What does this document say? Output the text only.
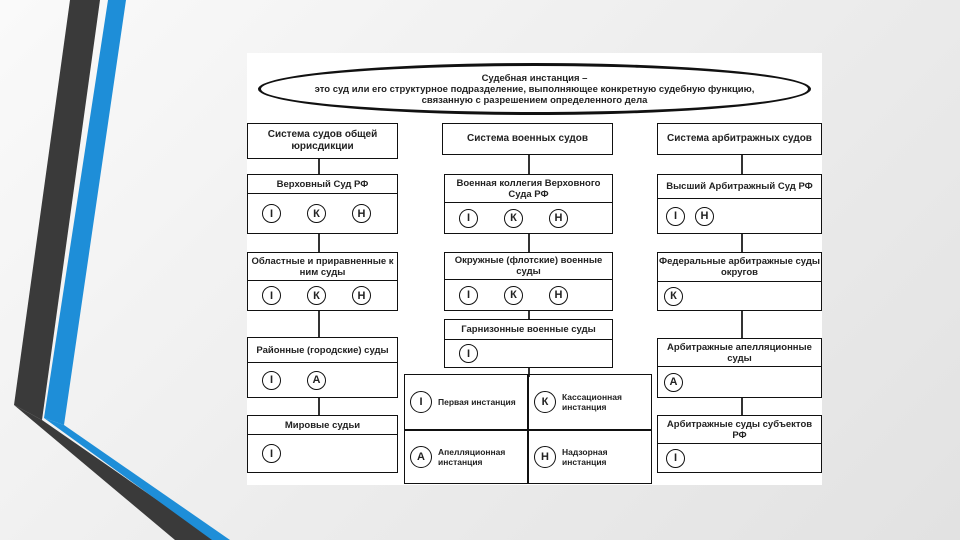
Судебная инстанция –
это суд или его структурное подразделение, выполняющее конкретную судебную функцию,
связанную с разрешением определенного дела
Система судов общей юрисдикции
Система военных судов	Система арбитражных судов
Верховный Суд РФ
I	К	Н
Областные и приравненные к ним суды
I	К	Н
Районные (городские) суды
I	А
Мировые судьи
I
Военная коллегия Верховного Суда РФ
I	К	Н
Окружные (флотские) военные суды
I	К	Н
Гарнизонные военные суды
I
Высший Арбитражный Суд РФ
I	Н
Федеральные арбитражные суды округов
К
Арбитражные апелляционные суды
А
Арбитражные суды субъектов РФ
I
I	Первая инстанция	К	Кассационная инстанция
А	Апелляционная инстанция	Н	Надзорная инстанция
